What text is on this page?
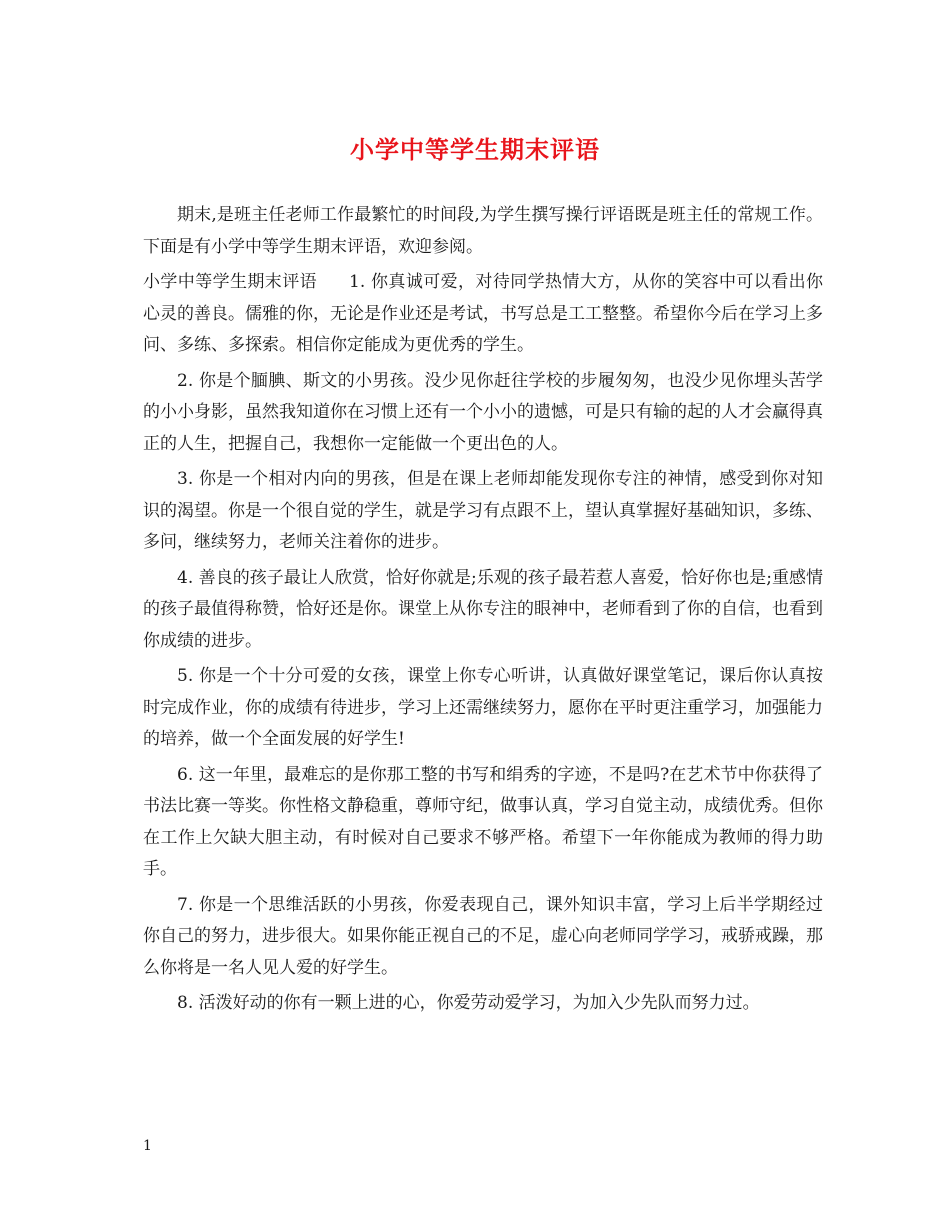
小学中等学生期末评语

期末,是班主任老师工作最繁忙的时间段,为学生撰写操行评语既是班主任的常规工作。下面是有小学中等学生期末评语，欢迎参阅。

小学中等学生期末评语 1. 你真诚可爱，对待同学热情大方，从你的笑容中可以看出你心灵的善良。儒雅的你，无论是作业还是考试，书写总是工工整整。希望你今后在学习上多问、多练、多探索。相信你定能成为更优秀的学生。

2. 你是个腼腆、斯文的小男孩。没少见你赶往学校的步履匆匆，也没少见你埋头苦学的小小身影，虽然我知道你在习惯上还有一个小小的遗憾，可是只有输的起的人才会赢得真正的人生，把握自己，我想你一定能做一个更出色的人。

3. 你是一个相对内向的男孩，但是在课上老师却能发现你专注的神情，感受到你对知识的渴望。你是一个很自觉的学生，就是学习有点跟不上，望认真掌握好基础知识，多练、多问，继续努力，老师关注着你的进步。

4. 善良的孩子最让人欣赏，恰好你就是;乐观的孩子最若惹人喜爱，恰好你也是;重感情的孩子最值得称赞，恰好还是你。课堂上从你专注的眼神中，老师看到了你的自信，也看到你成绩的进步。

5. 你是一个十分可爱的女孩，课堂上你专心听讲，认真做好课堂笔记，课后你认真按时完成作业，你的成绩有待进步，学习上还需继续努力，愿你在平时更注重学习，加强能力的培养，做一个全面发展的好学生!

6. 这一年里，最难忘的是你那工整的书写和绢秀的字迹，不是吗?在艺术节中你获得了书法比赛一等奖。你性格文静稳重，尊师守纪，做事认真，学习自觉主动，成绩优秀。但你在工作上欠缺大胆主动，有时候对自己要求不够严格。希望下一年你能成为教师的得力助手。

7. 你是一个思维活跃的小男孩，你爱表现自己，课外知识丰富，学习上后半学期经过你自己的努力，进步很大。如果你能正视自己的不足，虚心向老师同学学习，戒骄戒躁，那么你将是一名人见人爱的好学生。

8. 活泼好动的你有一颗上进的心，你爱劳动爱学习，为加入少先队而努力过。

1
